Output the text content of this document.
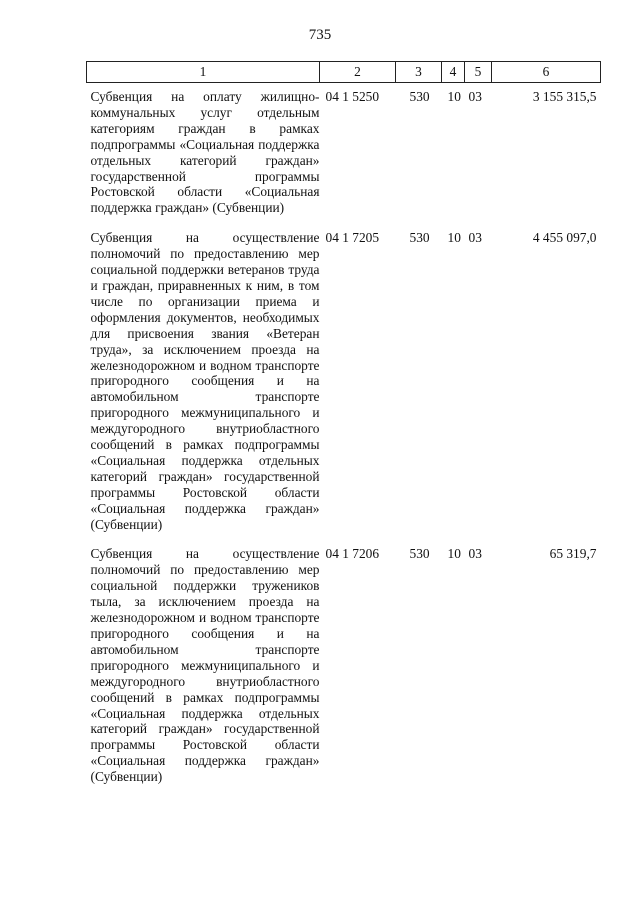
735
1	2	3	4	5	6
Субвенция на оплату жилищно-коммунальных услуг отдельным категориям граждан в рамках подпрограммы «Социальная поддержка отдельных категорий граждан» государственной программы Ростовской области «Социальная поддержка граждан» (Субвенции)	04 1 5250	530	10	03	3 155 315,5
Субвенция на осуществление полномочий по предоставлению мер социальной поддержки ветеранов труда и граждан, приравненных к ним, в том числе по организации приема и оформления документов, необходимых для присвоения звания «Ветеран труда», за исключением проезда на железнодорожном и водном транспорте пригородного сообщения и на автомобильном транспорте пригородного межмуниципального и междугородного внутриобластного сообщений в рамках подпрограммы «Социальная поддержка отдельных категорий граждан» государственной программы Ростовской области «Социальная поддержка граждан» (Субвенции)	04 1 7205	530	10	03	4 455 097,0
Субвенция на осуществление полномочий по предоставлению мер социальной поддержки тружеников тыла, за исключением проезда на железнодорожном и водном транспорте пригородного сообщения и на автомобильном транспорте пригородного межмуниципального и междугородного внутриобластного сообщений в рамках подпрограммы «Социальная поддержка отдельных категорий граждан» государственной программы Ростовской области «Социальная поддержка граждан» (Субвенции)	04 1 7206	530	10	03	65 319,7
